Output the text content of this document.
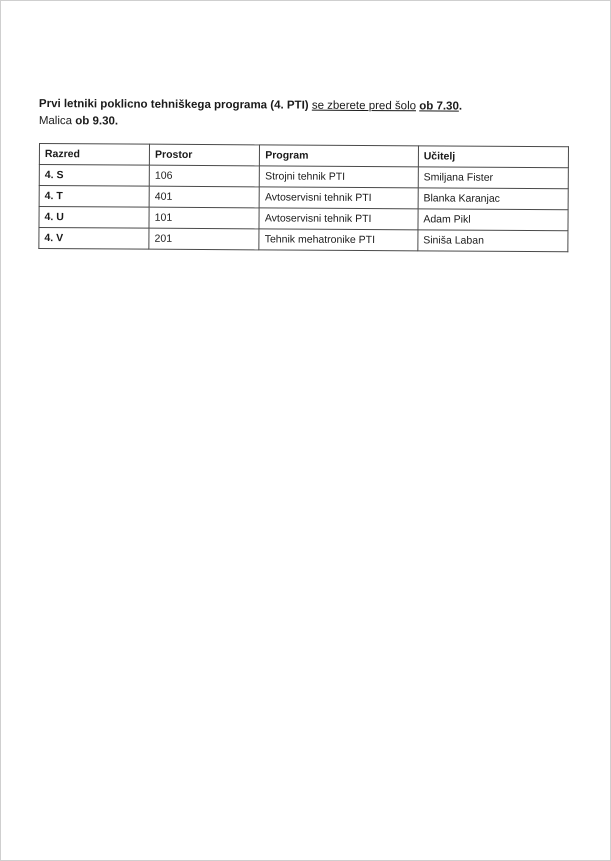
Prvi letniki poklicno tehniškega programa (4. PTI) se zberete pred šolo ob 7.30.
Malica ob 9.30.
Razred	Prostor	Program	Učitelj
4. S	106	Strojni tehnik PTI	Smiljana Fister
4. T	401	Avtoservisni tehnik PTI	Blanka Karanjac
4. U	101	Avtoservisni tehnik PTI	Adam Pikl
4. V	201	Tehnik mehatronike PTI	Siniša Laban
